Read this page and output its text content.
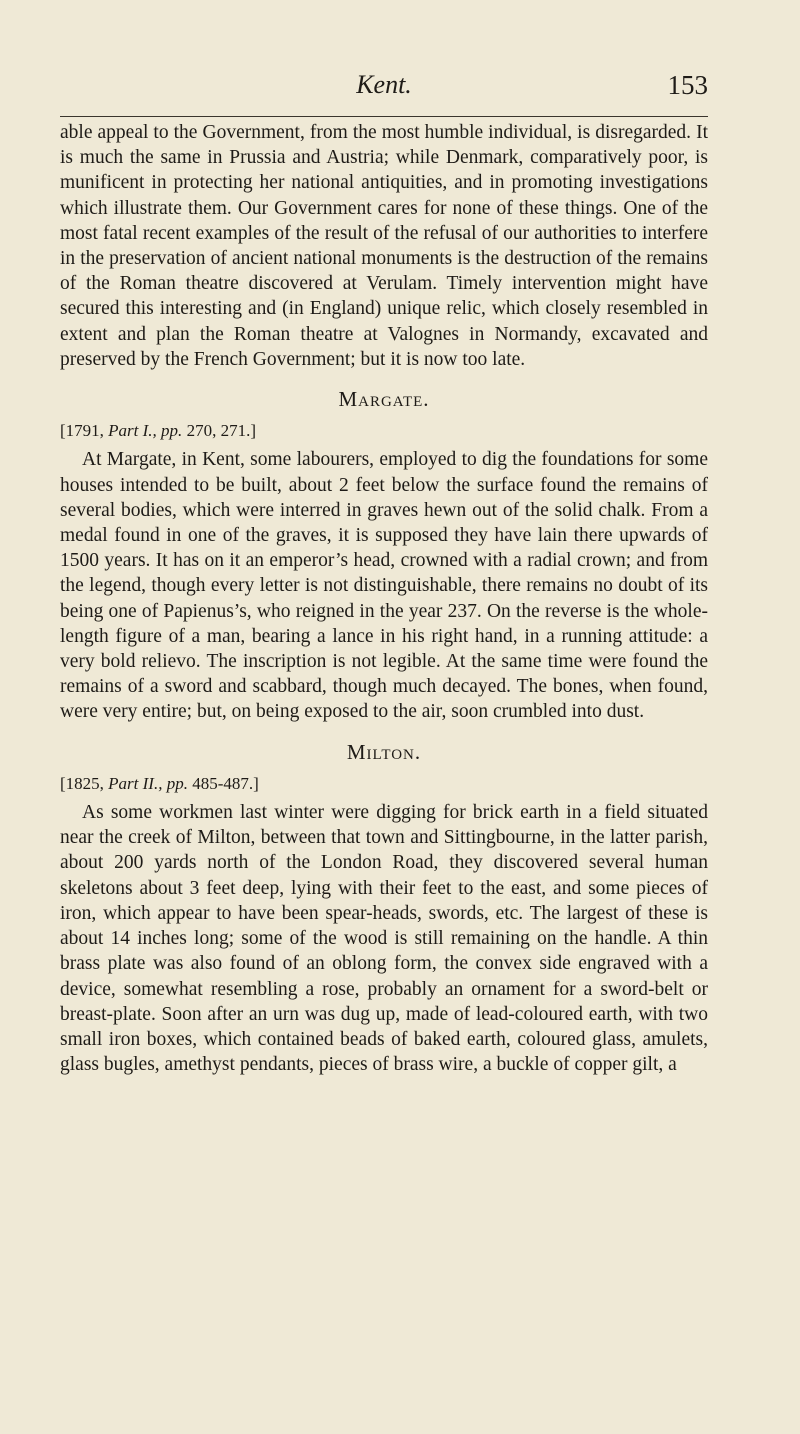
Kent.	153

able appeal to the Government, from the most humble individual, is disregarded. It is much the same in Prussia and Austria; while Denmark, comparatively poor, is munificent in protecting her national antiquities, and in promoting investigations which illustrate them. Our Government cares for none of these things. One of the most fatal recent examples of the result of the refusal of our authorities to interfere in the preservation of ancient national monuments is the destruction of the remains of the Roman theatre discovered at Verulam. Timely intervention might have secured this interesting and (in England) unique relic, which closely resembled in extent and plan the Roman theatre at Valognes in Normandy, excavated and preserved by the French Government; but it is now too late.

Margate.
[1791, Part I., pp. 270, 271.]

At Margate, in Kent, some labourers, employed to dig the foundations for some houses intended to be built, about 2 feet below the surface found the remains of several bodies, which were interred in graves hewn out of the solid chalk. From a medal found in one of the graves, it is supposed they have lain there upwards of 1500 years. It has on it an emperor’s head, crowned with a radial crown; and from the legend, though every letter is not distinguishable, there remains no doubt of its being one of Papienus’s, who reigned in the year 237. On the reverse is the whole-length figure of a man, bearing a lance in his right hand, in a running attitude: a very bold relievo. The inscription is not legible. At the same time were found the remains of a sword and scabbard, though much decayed. The bones, when found, were very entire; but, on being exposed to the air, soon crumbled into dust.

Milton.
[1825, Part II., pp. 485-487.]

As some workmen last winter were digging for brick earth in a field situated near the creek of Milton, between that town and Sittingbourne, in the latter parish, about 200 yards north of the London Road, they discovered several human skeletons about 3 feet deep, lying with their feet to the east, and some pieces of iron, which appear to have been spear-heads, swords, etc. The largest of these is about 14 inches long; some of the wood is still remaining on the handle. A thin brass plate was also found of an oblong form, the convex side engraved with a device, somewhat resembling a rose, probably an ornament for a sword-belt or breast-plate. Soon after an urn was dug up, made of lead-coloured earth, with two small iron boxes, which contained beads of baked earth, coloured glass, amulets, glass bugles, amethyst pendants, pieces of brass wire, a buckle of copper gilt, a
